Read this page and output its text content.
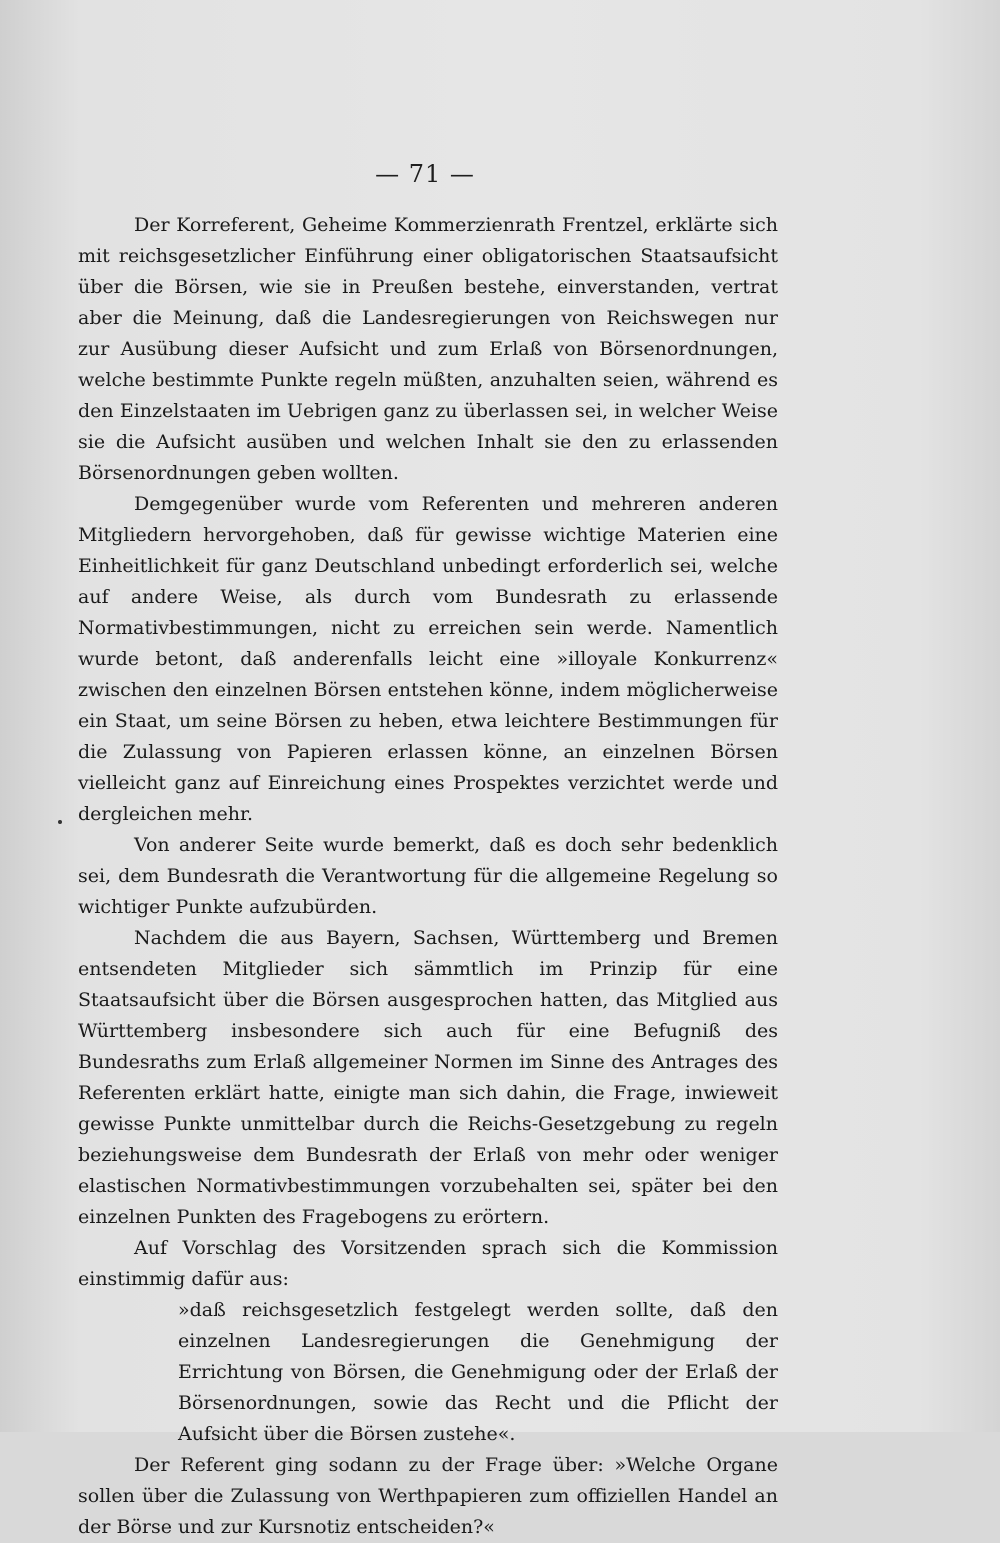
— 71 —

Der Korreferent, Geheime Kommerzienrath Frentzel, erklärte sich mit reichsgesetzlicher Einführung einer obligatorischen Staatsaufsicht über die Börsen, wie sie in Preußen bestehe, einverstanden, vertrat aber die Meinung, daß die Landesregierungen von Reichswegen nur zur Ausübung dieser Aufsicht und zum Erlaß von Börsenordnungen, welche bestimmte Punkte regeln müßten, anzuhalten seien, während es den Einzelstaaten im Uebrigen ganz zu überlassen sei, in welcher Weise sie die Aufsicht ausüben und welchen Inhalt sie den zu erlassenden Börsenordnungen geben wollten.

Demgegenüber wurde vom Referenten und mehreren anderen Mitgliedern hervorgehoben, daß für gewisse wichtige Materien eine Einheitlichkeit für ganz Deutschland unbedingt erforderlich sei, welche auf andere Weise, als durch vom Bundesrath zu erlassende Normativbestimmungen, nicht zu erreichen sein werde. Namentlich wurde betont, daß anderenfalls leicht eine »illoyale Konkurrenz« zwischen den einzelnen Börsen entstehen könne, indem möglicherweise ein Staat, um seine Börsen zu heben, etwa leichtere Bestimmungen für die Zulassung von Papieren erlassen könne, an einzelnen Börsen vielleicht ganz auf Einreichung eines Prospektes verzichtet werde und dergleichen mehr.

Von anderer Seite wurde bemerkt, daß es doch sehr bedenklich sei, dem Bundesrath die Verantwortung für die allgemeine Regelung so wichtiger Punkte aufzubürden.

Nachdem die aus Bayern, Sachsen, Württemberg und Bremen entsendeten Mitglieder sich sämmtlich im Prinzip für eine Staatsaufsicht über die Börsen ausgesprochen hatten, das Mitglied aus Württemberg insbesondere sich auch für eine Befugniß des Bundesraths zum Erlaß allgemeiner Normen im Sinne des Antrages des Referenten erklärt hatte, einigte man sich dahin, die Frage, inwieweit gewisse Punkte unmittelbar durch die Reichs-Gesetzgebung zu regeln beziehungsweise dem Bundesrath der Erlaß von mehr oder weniger elastischen Normativbestimmungen vorzubehalten sei, später bei den einzelnen Punkten des Fragebogens zu erörtern.

Auf Vorschlag des Vorsitzenden sprach sich die Kommission einstimmig dafür aus:

»daß reichsgesetzlich festgelegt werden sollte, daß den einzelnen Landesregierungen die Genehmigung der Errichtung von Börsen, die Genehmigung oder der Erlaß der Börsenordnungen, sowie das Recht und die Pflicht der Aufsicht über die Börsen zustehe«.

Der Referent ging sodann zu der Frage über: »Welche Organe sollen über die Zulassung von Werthpapieren zum offiziellen Handel an der Börse und zur Kursnotiz entscheiden?«
